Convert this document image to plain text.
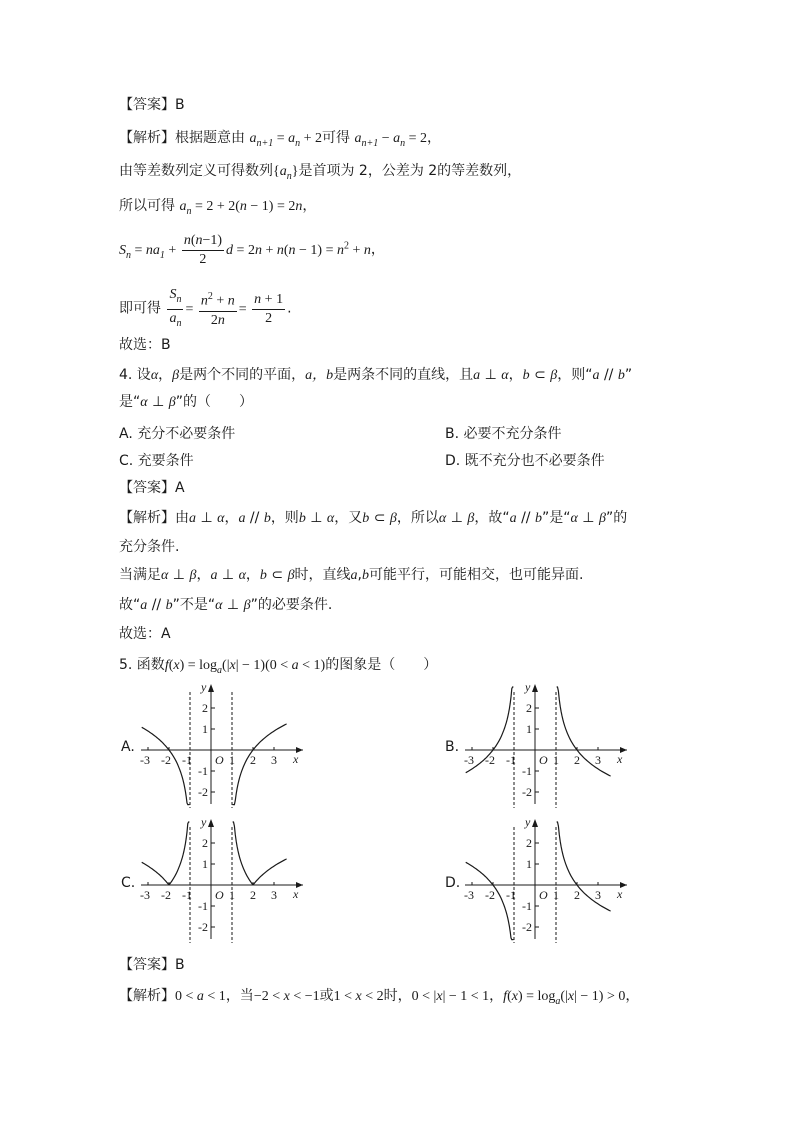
【答案】B
【解析】根据题意由 $a_{n+1} = a_n + 2$可得 $a_{n+1} - a_n = 2$，
由等差数列定义可得数列$\{a_n\}$是首项为 2，公差为 2的等差数列，
所以可得 $a_n = 2 + 2(n - 1) = 2n$，
$S_n = na_1 + \frac{n(n-1)}{2}$ $d = 2n + n(n - 1) = n^2 + n$，
即可得 $\frac{S_n}{a_n} = \frac{n^2 + n}{2n} = \frac{n + 1}{2}$ .
故选：B
4. 设α，β是两个不同的平面，a，b是两条不同的直线，且a ⊥ α，b ⊂ β，则“a // b”
是“α ⊥ β”的（　　）
A. 充分不必要条件	B. 必要不充分条件
C. 充要条件	D. 既不充分也不必要条件
【答案】A
【解析】由a ⊥ α，a // b，则b ⊥ α，又b ⊂ β，所以α ⊥ β，故“a // b”是“α ⊥ β”的
充分条件.
当满足α ⊥ β，a ⊥ α，b ⊂ β时，直线a,b可能平行，可能相交，也可能异面.
故“a // b”不是“α ⊥ β”的必要条件.
故选：A
5. 函数$f(x) = \log_a(|x| - 1)(0 < a < 1)$的图象是（　　）
A.	B.
C.	D.
-3 -2 -1	1 2 3
2
1
-1
-2
O	x
y
-3 -2 -1	1 2 3
2
1
-1
-2
O	x
y
-3 -2 -1	1 2 3
2
1
-1
-2
O	x
y
-3 -2 -1	1 2 3
2
1
-1
-2
O	x
y
【答案】B
【解析】0 < a < 1，当−2 < x < −1或1 < x < 2时，0 < |x| − 1 < 1，$f(x) = \log_a(|x| - 1) > 0$，
